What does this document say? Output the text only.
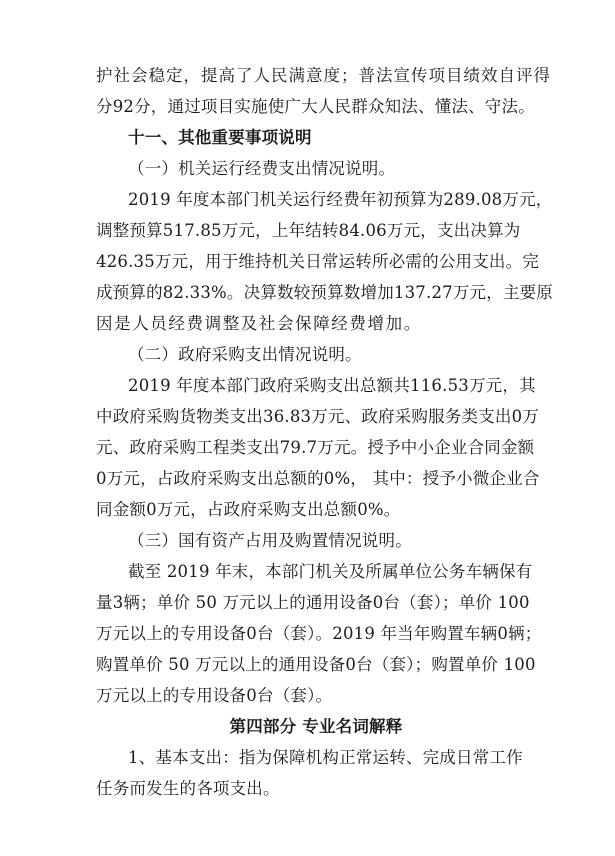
护社会稳定，提高了人民满意度；普法宣传项目绩效自评得
分92分，通过项目实施使广大人民群众知法、懂法、守法。
十一、其他重要事项说明
（一）机关运行经费支出情况说明。
2019 年度本部门机关运行经费年初预算为289.08万元，
调整预算517.85万元，上年结转84.06万元，支出决算为
426.35万元，用于维持机关日常运转所必需的公用支出。完
成预算的82.33%。决算数较预算数增加137.27万元，主要原
因是人员经费调整及社会保障经费增加。
（二）政府采购支出情况说明。
2019 年度本部门政府采购支出总额共116.53万元，其
中政府采购货物类支出36.83万元、政府采购服务类支出0万
元、政府采购工程类支出79.7万元。授予中小企业合同金额
0万元，占政府采购支出总额的0%， 其中：授予小微企业合
同金额0万元，占政府采购支出总额0%。
（三）国有资产占用及购置情况说明。
截至 2019 年末，本部门机关及所属单位公务车辆保有
量3辆；单价 50 万元以上的通用设备0台（套）；单价 100
万元以上的专用设备0台（套）。2019 年当年购置车辆0辆；
购置单价 50 万元以上的通用设备0台（套）；购置单价 100
万元以上的专用设备0台（套）。
第四部分 专业名词解释
1、基本支出：指为保障机构正常运转、完成日常工作
任务而发生的各项支出。
